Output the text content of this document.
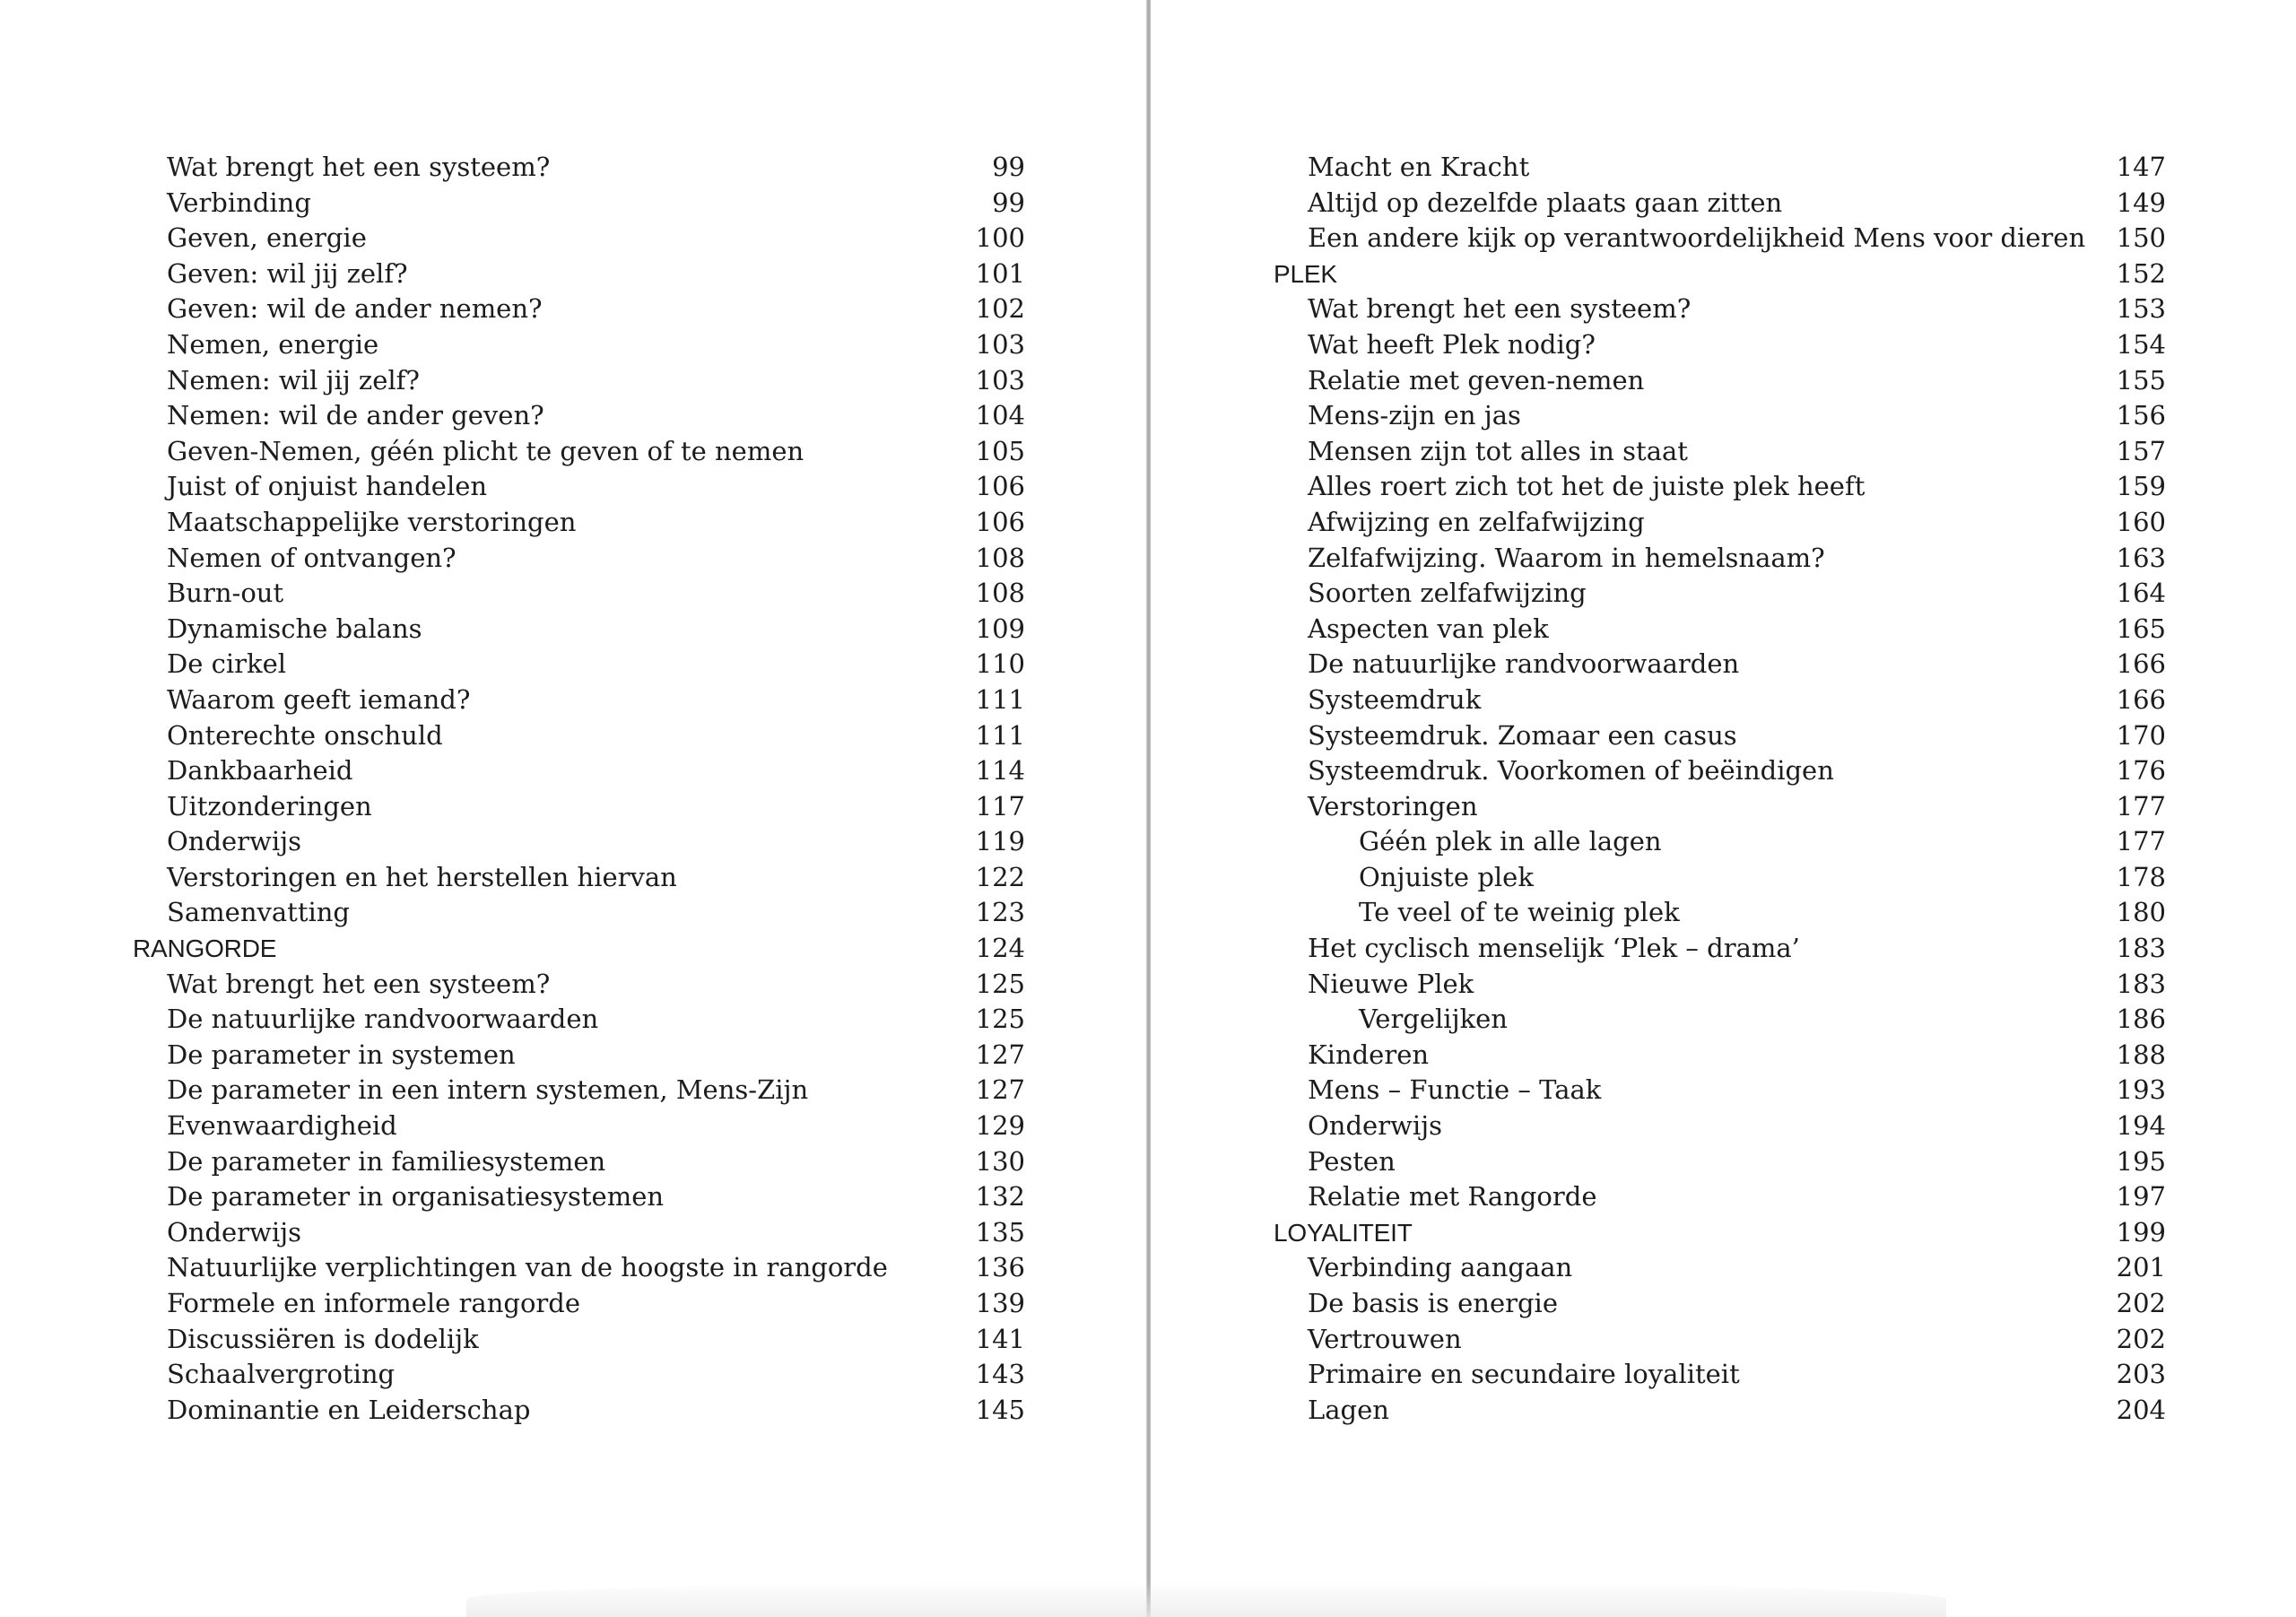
Wat brengt het een systeem?	99
Verbinding	99
Geven, energie	100
Geven: wil jij zelf?	101
Geven: wil de ander nemen?	102
Nemen, energie	103
Nemen: wil jij zelf?	103
Nemen: wil de ander geven?	104
Geven-Nemen, géén plicht te geven of te nemen	105
Juist of onjuist handelen	106
Maatschappelijke verstoringen	106
Nemen of ontvangen?	108
Burn-out	108
Dynamische balans	109
De cirkel	110
Waarom geeft iemand?	111
Onterechte onschuld	111
Dankbaarheid	114
Uitzonderingen	117
Onderwijs	119
Verstoringen en het herstellen hiervan	122
Samenvatting	123
RANGORDE	124
Wat brengt het een systeem?	125
De natuurlijke randvoorwaarden	125
De parameter in systemen	127
De parameter in een intern systemen, Mens-Zijn	127
Evenwaardigheid	129
De parameter in familiesystemen	130
De parameter in organisatiesystemen	132
Onderwijs	135
Natuurlijke verplichtingen van de hoogste in rangorde	136
Formele en informele rangorde	139
Discussiëren is dodelijk	141
Schaalvergroting	143
Dominantie en Leiderschap	145
Macht en Kracht	147
Altijd op dezelfde plaats gaan zitten	149
Een andere kijk op verantwoordelijkheid Mens voor dieren 150
PLEK	152
Wat brengt het een systeem?	153
Wat heeft Plek nodig?	154
Relatie met geven-nemen	155
Mens-zijn en jas	156
Mensen zijn tot alles in staat	157
Alles roert zich tot het de juiste plek heeft	159
Afwijzing en zelfafwijzing	160
Zelfafwijzing. Waarom in hemelsnaam?	163
Soorten zelfafwijzing	164
Aspecten van plek	165
De natuurlijke randvoorwaarden	166
Systeemdruk	166
Systeemdruk. Zomaar een casus	170
Systeemdruk. Voorkomen of beëindigen	176
Verstoringen	177
Géén plek in alle lagen	177
Onjuiste plek	178
Te veel of te weinig plek	180
Het cyclisch menselijk ‘Plek – drama’	183
Nieuwe Plek	183
Vergelijken	186
Kinderen	188
Mens – Functie – Taak	193
Onderwijs	194
Pesten	195
Relatie met Rangorde	197
LOYALITEIT	199
Verbinding aangaan	201
De basis is energie	202
Vertrouwen	202
Primaire en secundaire loyaliteit	203
Lagen	204
